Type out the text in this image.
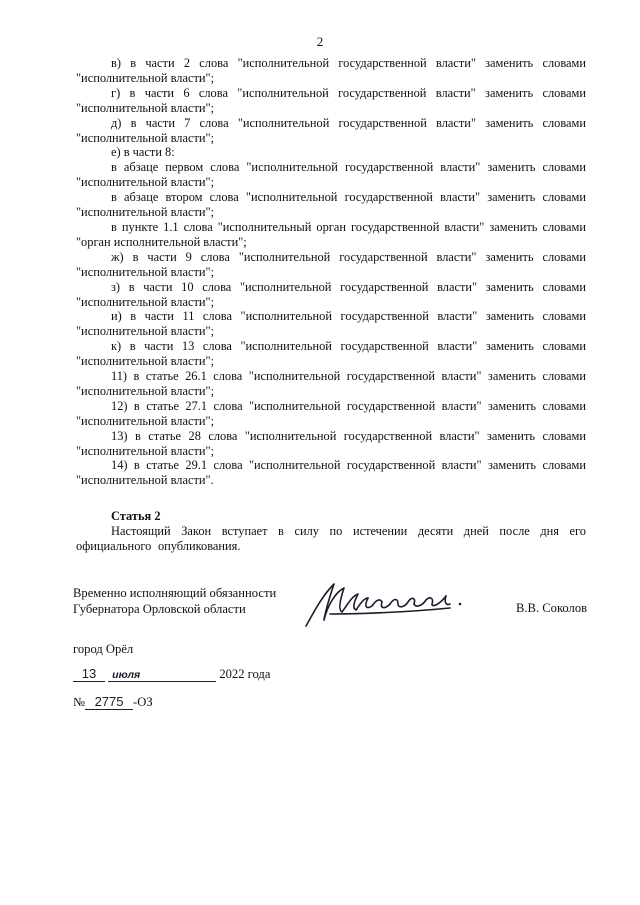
2
в) в части 2 слова "исполнительной государственной власти" заменить словами
"исполнительной власти";
г) в части 6 слова "исполнительной государственной власти" заменить словами
"исполнительной власти";
д) в части 7 слова "исполнительной государственной власти" заменить словами
"исполнительной власти";
е) в части 8:
в абзаце первом слова "исполнительной государственной власти" заменить словами
"исполнительной власти";
в абзаце втором слова "исполнительной государственной власти" заменить словами
"исполнительной власти";
в пункте 1.1 слова "исполнительный орган государственной власти" заменить словами
"орган исполнительной власти";
ж) в части 9 слова "исполнительной государственной власти" заменить словами
"исполнительной власти";
з) в части 10 слова "исполнительной государственной власти" заменить словами
"исполнительной власти";
и) в части 11 слова "исполнительной государственной власти" заменить словами
"исполнительной власти";
к) в части 13 слова "исполнительной государственной власти" заменить словами
"исполнительной власти";
11) в статье 26.1 слова "исполнительной государственной власти" заменить словами
"исполнительной власти";
12) в статье 27.1 слова "исполнительной государственной власти" заменить словами
"исполнительной власти";
13) в статье 28 слова "исполнительной государственной власти" заменить словами
"исполнительной власти";
14) в статье 29.1 слова "исполнительной государственной власти" заменить словами
"исполнительной власти".
Статья 2
Настоящий Закон вступает в силу по истечении десяти дней после дня его официального опубликования.
Временно исполняющий обязанности
Губернатора Орловской области	В.В. Соколов
город Орёл
13 июля	2022 года
№ 2775 -ОЗ
